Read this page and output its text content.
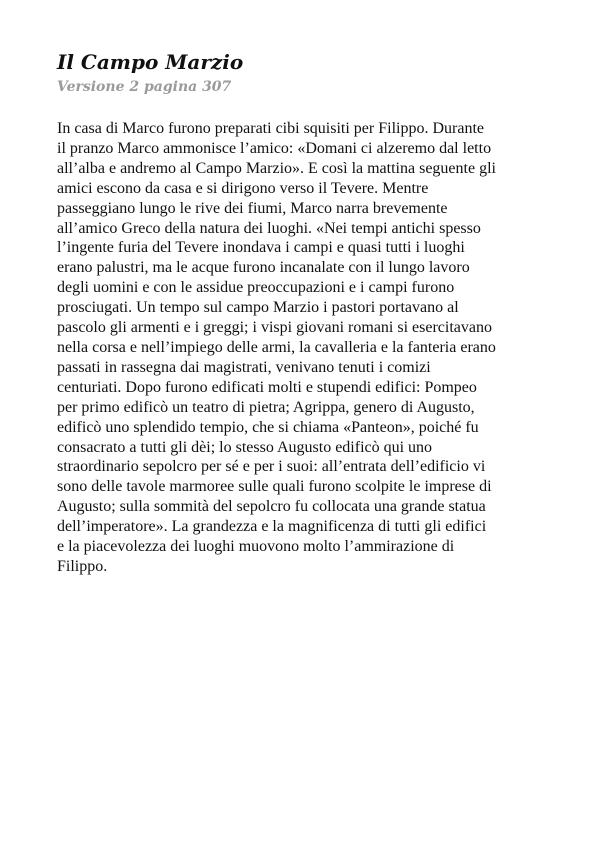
Il Campo Marzio
Versione 2 pagina 307
In casa di Marco furono preparati cibi squisiti per Filippo. Durante
il pranzo Marco ammonisce l’amico: «Domani ci alzeremo dal letto
all’alba e andremo al Campo Marzio». E così la mattina seguente gli
amici escono da casa e si dirigono verso il Tevere. Mentre
passeggiano lungo le rive dei fiumi, Marco narra brevemente
all’amico Greco della natura dei luoghi. «Nei tempi antichi spesso
l’ingente furia del Tevere inondava i campi e quasi tutti i luoghi
erano palustri, ma le acque furono incanalate con il lungo lavoro
degli uomini e con le assidue preoccupazioni e i campi furono
prosciugati. Un tempo sul campo Marzio i pastori portavano al
pascolo gli armenti e i greggi; i vispi giovani romani si esercitavano
nella corsa e nell’impiego delle armi, la cavalleria e la fanteria erano
passati in rassegna dai magistrati, venivano tenuti i comizi
centuriati. Dopo furono edificati molti e stupendi edifici: Pompeo
per primo edificò un teatro di pietra; Agrippa, genero di Augusto,
edificò uno splendido tempio, che si chiama «Panteon», poiché fu
consacrato a tutti gli dèi; lo stesso Augusto edificò qui uno
straordinario sepolcro per sé e per i suoi: all’entrata dell’edificio vi
sono delle tavole marmoree sulle quali furono scolpite le imprese di
Augusto; sulla sommità del sepolcro fu collocata una grande statua
dell’imperatore». La grandezza e la magnificenza di tutti gli edifici
e la piacevolezza dei luoghi muovono molto l’ammirazione di
Filippo.
